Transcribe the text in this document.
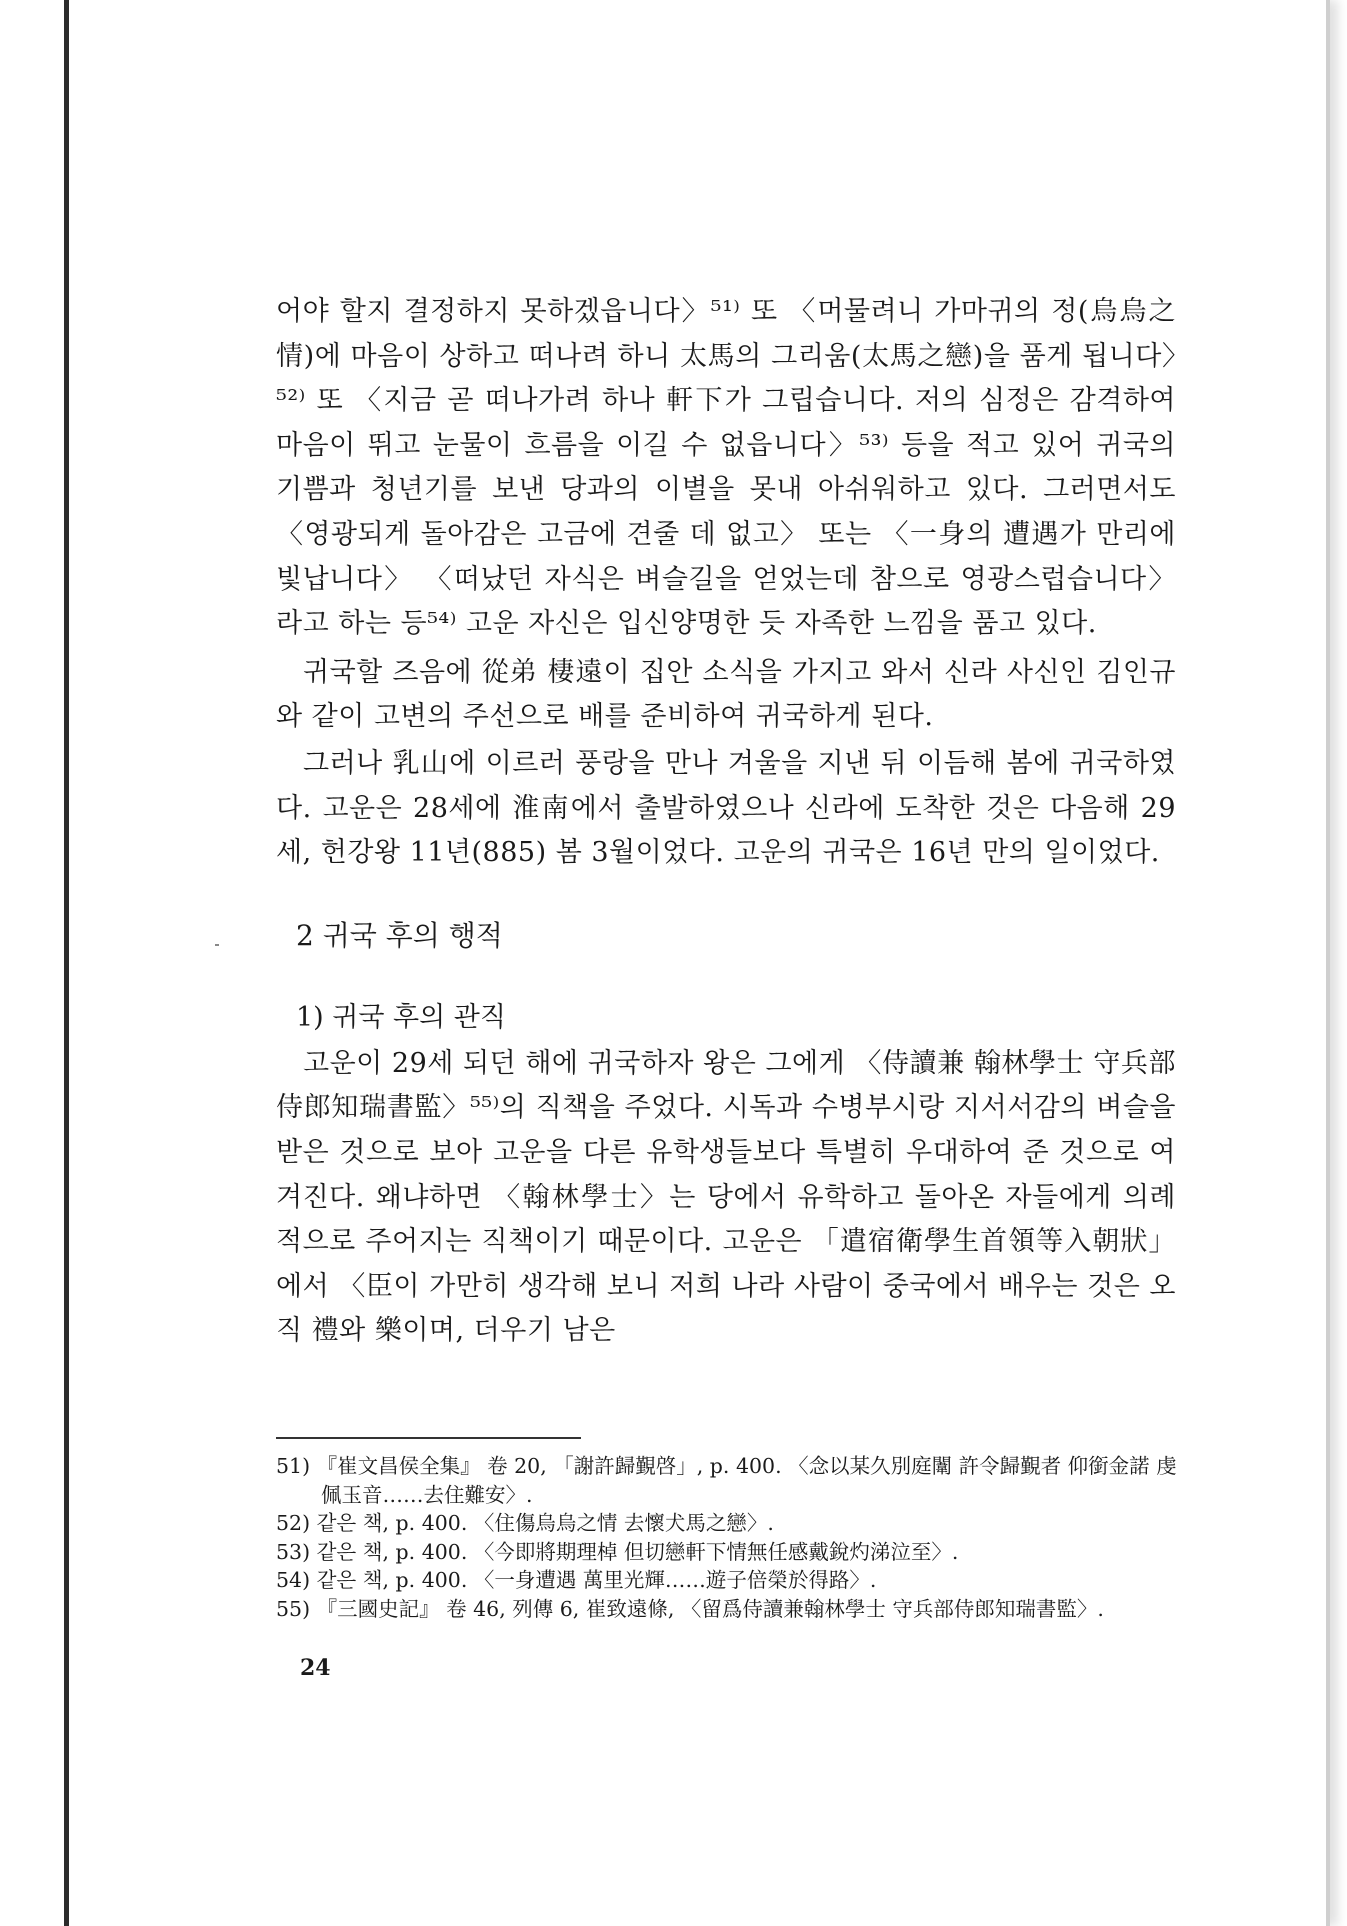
어야 할지 결정하지 못하겠읍니다〉⁵¹⁾ 또 〈머물려니 가마귀의 정(烏烏之情)에 마음이 상하고 떠나려 하니 太馬의 그리움(太馬之戀)을 품게 됩니다〉⁵²⁾ 또 〈지금 곧 떠나가려 하나 軒下가 그립습니다. 저의 심정은 감격하여 마음이 뛰고 눈물이 흐름을 이길 수 없읍니다〉⁵³⁾ 등을 적고 있어 귀국의 기쁨과 청년기를 보낸 당과의 이별을 못내 아쉬워하고 있다. 그러면서도 〈영광되게 돌아감은 고금에 견줄 데 없고〉 또는 〈一身의 遭遇가 만리에 빛납니다〉 〈떠났던 자식은 벼슬길을 얻었는데 참으로 영광스럽습니다〉라고 하는 등⁵⁴⁾ 고운 자신은 입신양명한 듯 자족한 느낌을 품고 있다.

귀국할 즈음에 從弟 棲遠이 집안 소식을 가지고 와서 신라 사신인 김인규와 같이 고변의 주선으로 배를 준비하여 귀국하게 된다.

그러나 乳山에 이르러 풍랑을 만나 겨울을 지낸 뒤 이듬해 봄에 귀국하였다. 고운은 28세에 淮南에서 출발하였으나 신라에 도착한 것은 다음해 29세, 헌강왕 11년(885) 봄 3월이었다. 고운의 귀국은 16년 만의 일이었다.

2 귀국 후의 행적

1) 귀국 후의 관직

고운이 29세 되던 해에 귀국하자 왕은 그에게 〈侍讀兼 翰林學士 守兵部侍郎知瑞書監〉⁵⁵⁾의 직책을 주었다. 시독과 수병부시랑 지서서감의 벼슬을 받은 것으로 보아 고운을 다른 유학생들보다 특별히 우대하여 준 것으로 여겨진다. 왜냐하면 〈翰林學士〉는 당에서 유학하고 돌아온 자들에게 의례적으로 주어지는 직책이기 때문이다. 고운은 「遣宿衛學生首領等入朝狀」에서 〈臣이 가만히 생각해 보니 저희 나라 사람이 중국에서 배우는 것은 오직 禮와 樂이며, 더우기 남은

51) 『崔文昌侯全集』 卷 20, 「謝許歸覲啓」, p. 400. 〈念以某久別庭闈 許令歸覲者 仰銜金諾 虔佩玉音……去住難安〉.

52) 같은 책, p. 400. 〈住傷烏烏之情 去懷犬馬之戀〉.

53) 같은 책, p. 400. 〈今即將期理棹 但切戀軒下情無任感戴銳灼涕泣至〉.

54) 같은 책, p. 400. 〈一身遭遇 萬里光輝……遊子倍榮於得路〉.

55) 『三國史記』 卷 46, 列傳 6, 崔致遠條, 〈留爲侍讀兼翰林學士 守兵部侍郎知瑞書監〉.

24
